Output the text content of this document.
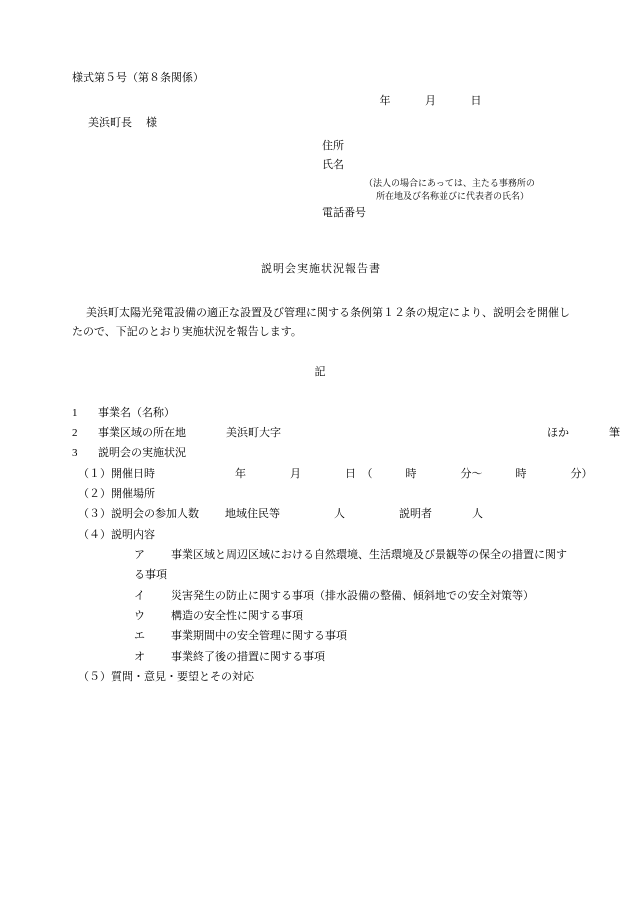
様式第５号（第８条関係）
年	月	日
美浜町長 様
住所
氏名
（法人の場合にあっては、主たる事務所の
所在地及び名称並びに代表者の氏名）
電話番号
説明会実施状況報告書
美浜町太陽光発電設備の適正な設置及び管理に関する条例第１２条の規定により、説明会を開催したので、下記のとおり実施状況を報告します。
記
1 事業名（名称）
2 事業区域の所在地	美浜町大字	ほか	筆
3 説明会の実施状況
（１）開催日時	年　　　　月　　　　日　（　　　時　　　　分～　　　時　　　　分）
（２）開催場所
（３）説明会の参加人数 地域住民等	人	説明者	人
（４）説明内容
ア 事業区域と周辺区域における自然環境、生活環境及び景観等の保全の措置に関する事項
イ 災害発生の防止に関する事項（排水設備の整備、傾斜地での安全対策等）
ウ 構造の安全性に関する事項
エ 事業期間中の安全管理に関する事項
オ 事業終了後の措置に関する事項
（５）質問・意見・要望とその対応
